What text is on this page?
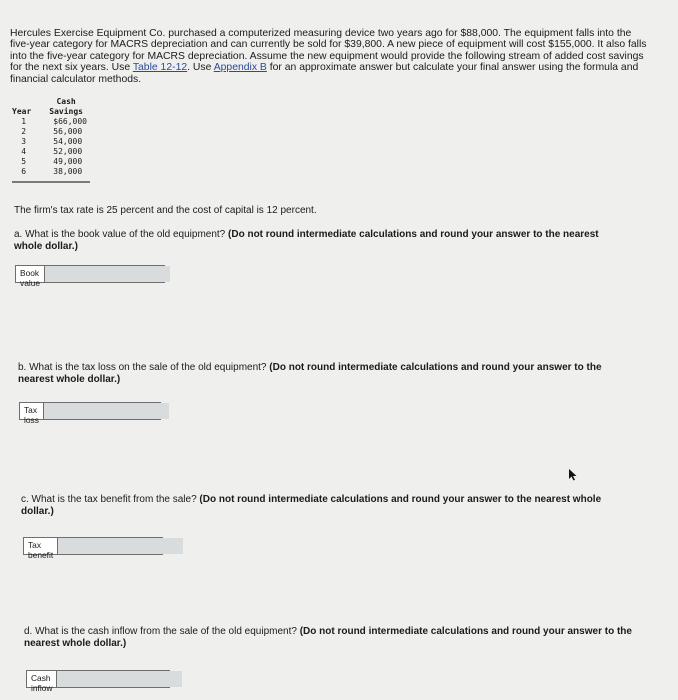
Hercules Exercise Equipment Co. purchased a computerized measuring device two years ago for $88,000. The equipment falls into the five-year category for MACRS depreciation and can currently be sold for $39,800. A new piece of equipment will cost $155,000. It also falls into the five-year category for MACRS depreciation. Assume the new equipment would provide the following stream of added cost savings for the next six years. Use Table 12-12. Use Appendix B for an approximate answer but calculate your final answer using the formula and financial calculator methods.
Year	Cash
Savings

1	$66,000
2	56,000
3	54,000
4	52,000
5	49,000
6	38,000
The firm's tax rate is 25 percent and the cost of capital is 12 percent.
a. What is the book value of the old equipment? (Do not round intermediate calculations and round your answer to the nearest whole dollar.)
Book value
b. What is the tax loss on the sale of the old equipment? (Do not round intermediate calculations and round your answer to the nearest whole dollar.)
Tax loss
c. What is the tax benefit from the sale? (Do not round intermediate calculations and round your answer to the nearest whole dollar.)
Tax benefit
d. What is the cash inflow from the sale of the old equipment? (Do not round intermediate calculations and round your answer to the nearest whole dollar.)
Cash inflow
